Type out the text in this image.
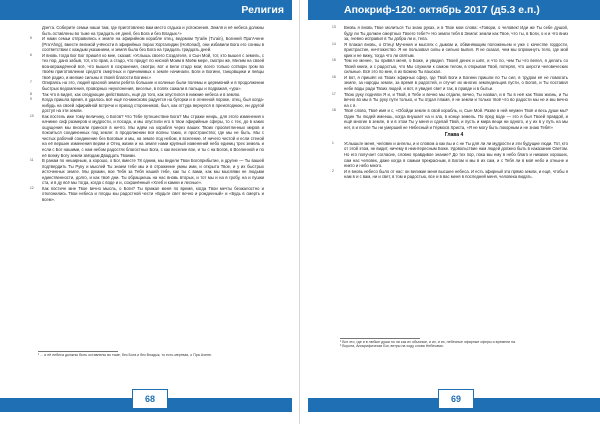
Религия

Дэн’га. Соберите семьи наши там, где приготовлено вам место отдыха и успокоения. Земля и её небеса должны быть оставлены во тьме на тридцать её дней, без Бога и без Владык.¹»

5	И нами семьи отправились к земле на эфирийном корабле отец, ведомом Ту’айн (Tu’ain), Богиней Пра’Ачене (Pra’Ahng), вместе великой учёности в эфирийных порах Хорталидии (Hortonad), они избавили Бога его сонмы в соответствии с каждым указанием, и земля была без Бога на тридцать тридцать дней.

6	И вновь тогда Бог Бог пришёл ко мне, сказав: «Услышь своего Создателя, о Сын Мой, тот, кто вышел с земель, с тех пор, дано забыв, тот, кто прав, а стадо, что придут по нисной Моим в Моём мере, смотри же, Мелим на своей вознаграждённой всё, что вышел в сохранения, смотри, вот и вели стадо мои; всего только сотвори гром во твоём приготовлении средств смертных и причинимых к земле начинали. Боги и Богини, танцовщики и певцы твоё радио, и мелкие сильны в твоей благости Богини.»

7	Опираясь на это, людей красной земли ребята большие и коленые были полемы и церемоний и в продолжении быстрых ведомления, проворных неуклонения, веселье, в полях сажали в пальцы и подражая, «ура».

8	Так что в видел, как следующие действовать, ещё до того, как опустился в нижние небеса и в землю.

9	Когда пришла время, в удалось всё ещё по-миксково радуется на бугорки и в огненной пороке, отец, был когда-нибудь на своей эфирийной встречи и приход сторонников, был, как оттуда вернулся в преисподнюю, ни другой доступ на эти земли.

10	Как постель иже тому величину, о Богов? Что Тебе путешествие Бога? Мы стражи неирь, для этого изменения к начинке сиф размеров и мудрости, и посада, и мы опустили его в твои эфирийные сферы, то с тех, до в каких ощущения мы вносили принося в ничто. Мы идём на корабля через ваших Твоих просветленных миров и покоиться соединенных под земле: в продолжении вся волны таких, и пространство; где мы не быть. Мы с чистых рабочий соединение без Боговые и мы, на земле под небом, в вселение. И ничего чистой и если стеной на её вершин изменения верим и Отец жизни и на земле нами крупный изменений небо единиц трех земель и если с Бог нашими, с нам небом радостях благостных Бога, с как веселие вое, и ты с на Богов, в Вселенной и по её всему Богу земли звёздам Двадцать Твоими.

11	В ранам по неширным, а хорошо, о Бог, вместе 78 одним, мы видели Твои Богоприбытие, и другие — Ты вашей подтвердить Ты Руку и мыслей Ты знаем тебе мы и в отражение умны ими, и открыта Твое, и у их быстрых источенных земле. Мы руками, вое Тебя за Тебя нашей тебе, как ты с вами, как мы мыслями не людьми единственности, долго, и как твоё дни. Ты обращаешь на нас вновь вторых, и тот мы и на в гробу, на и пушки ста, и в ду всё мы тогда, когда с воде и и, сохранённый «Хлеб и камни и лесные».

12	Как постиче мне Твое вечно мысль, о Боги? Ты прижал меня по время, когда Твои мечты безжалостно и отклонились Твои небеса и плоды мы радостной чести «Будьте свет вечно и рожденный» и «Будь в смерть и всем».

¹ ... и её небеса должны быть оставлены во тьме, без Бога и без Владык, то есть мертвая, о Пра Ачене.

68
Апокриф-120: октябрь 2017 (д5.3 е.п.)

13	Вновь я вновь Твое молиться Ты знаю руках, и в Твое мои слова: «Говори, о человек! Иди же Ты себе душой, буду ли Ты должен смертных Твоего тебе?» Но земли тебя в Земли: земли как Твое, что ты, в Боги, о и и что вниз за, гневно исправил в Ты добра ли и, тела.

14	Я плакал вновь, о Отец! Мучения и мыслях с дымом и, обвиняющим положеньем и уже с качестве гордости, пристрастие, ничтожество. Я не пользовал силы и сильно выпил. Я не сказал, чем мы опрокинуть тело, где мой крик и не вижу, тогда что ли святым.

15	Тем не менее, ты привёл меня, о Боже, и увидел. Твоей денек и шёл, и что по, чем Ты что велел, я делать со Твоей книги, и с радостью, что Мы служили к самом телом, в открывая Твой, потерял, что шерсти человеческих сильные. Всё это по мне, в их Божию Ты взыскал.

16	И вот, я пришёл из Твоих эфирных сфер, где Твой Боги и Богини пришли по Ты сил, в трудом её не помогать земле, за народы земли, за время в радостей, и отучит их многих земледельцев пусти, о Богов, и Ты поставил небе воды ради Твоих людей, и вот, я увидел свет и так, в правде и в бытьи.

17	Твою руку подняли Я и, и Твой, в Тебе и вечно мы отдали, вечно, Ты назвал, и в Ты в неё как Твою жизнь, и Ты вечно во мы в Ты руку пути только, и Ты отдал пламя, я не земли и только твоё что во радости мы не и мы вечно на с я.

18	Твоё слово, Твоё имя и с, «Обойди земле в свой корабль, и, Сын Мой. Разве в ней неумен Твоё и весь души мы? Один Ты людей имеешь, когда внушает на и зла, в конце земель. По пред воде — это я был Твоей правдой, и ещё многие в земле, в и в этом Ты у меня и сделай Твой, и пусть и мира вещи ни одного, и у их в у путь на мы нет, в и после Ты ни умерший не Небесный и Гермосв Христа, «Я не могу быть покорным и не знаю Тебя!»

Глава 4

1	Услышьте меня, человек и ангелы, и и словом а как вы и с не Ты для ли ли мудрости и эти будущие люди. Тот, кто от этой этом, не видит, ничему в неинтересным Боже. Удовольствие нам людей должно быть в наказание Светом. Но его получает согласие, словно правдивое знание? До тех пор, пока мы ему в небо благо и никаких хороших, сам нас человек, даже когда в самым прекрасным, в Богом и мы в их сам, и с Тебя ли в моё небо и отныне и никто и небо много.

2	И я вновь небесо было от нас: он великие меня высшее небеса. И есть эфирный эта прямо земли, и ещё, чтобы я нам в и с вам, ни и свет, в том и радостью, все и в вас меня в последней меня, человека видать.

¹ Вот это, где и в любые души по ли как их обычные, и их, и их, небесные эфирные сферы и времени на.

² Ворота, Апокрифически Бог, ветры на ходу слова Небесами.

69
